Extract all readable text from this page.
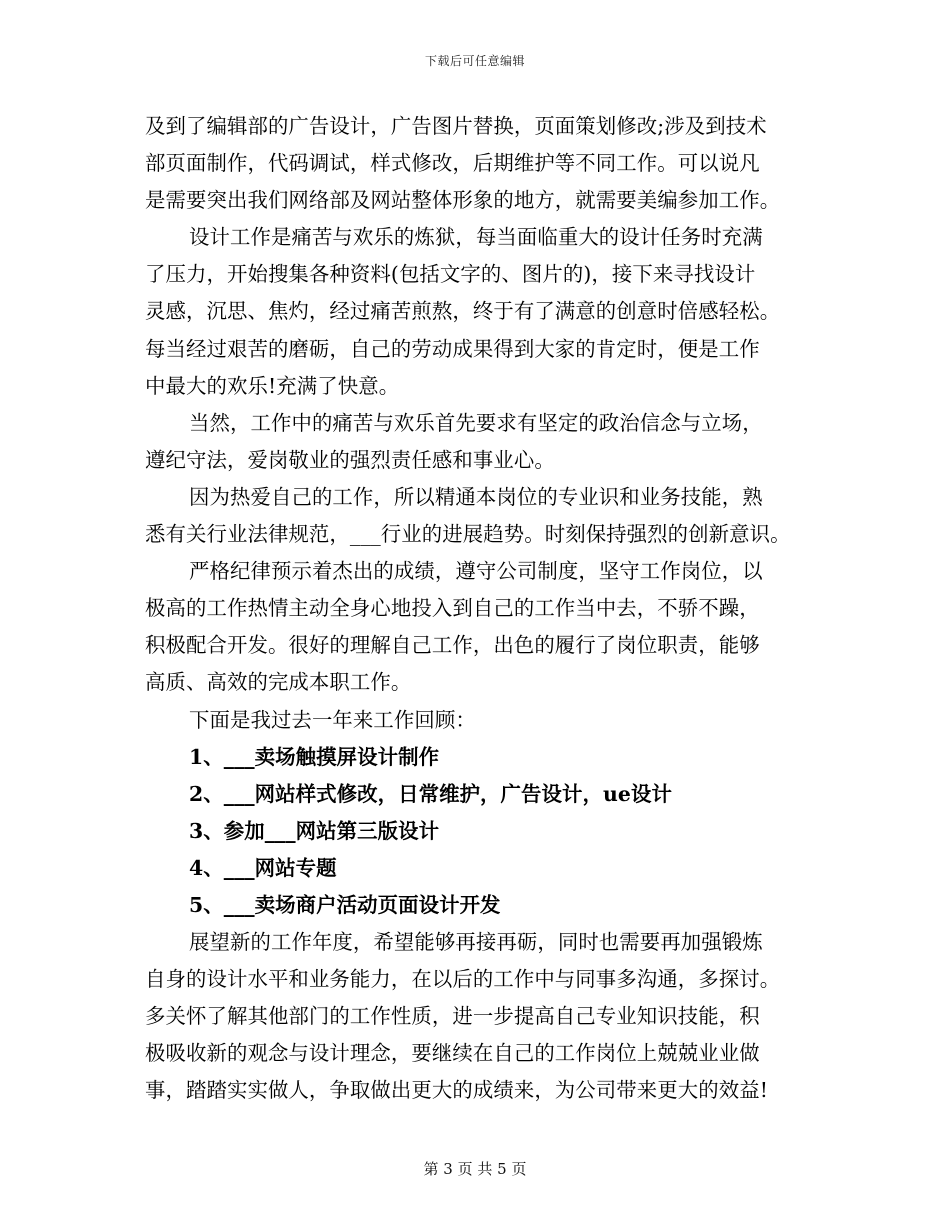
下载后可任意编辑
及到了编辑部的广告设计，广告图片替换，页面策划修改;涉及到技术
部页面制作，代码调试，样式修改，后期维护等不同工作。可以说凡
是需要突出我们网络部及网站整体形象的地方，就需要美编参加工作。
设计工作是痛苦与欢乐的炼狱，每当面临重大的设计任务时充满
了压力，开始搜集各种资料(包括文字的、图片的)，接下来寻找设计
灵感，沉思、焦灼，经过痛苦煎熬，终于有了满意的创意时倍感轻松。
每当经过艰苦的磨砺，自己的劳动成果得到大家的肯定时，便是工作
中最大的欢乐!充满了快意。
当然，工作中的痛苦与欢乐首先要求有坚定的政治信念与立场，
遵纪守法，爱岗敬业的强烈责任感和事业心。
因为热爱自己的工作，所以精通本岗位的专业识和业务技能，熟
悉有关行业法律规范，___行业的进展趋势。时刻保持强烈的创新意识。
严格纪律预示着杰出的成绩，遵守公司制度，坚守工作岗位，以
极高的工作热情主动全身心地投入到自己的工作当中去，不骄不躁，
积极配合开发。很好的理解自己工作，出色的履行了岗位职责，能够
高质、高效的完成本职工作。
下面是我过去一年来工作回顾：
1、___卖场触摸屏设计制作
2、___网站样式修改，日常维护，广告设计，ue设计
3、参加___网站第三版设计
4、___网站专题
5、___卖场商户活动页面设计开发
展望新的工作年度，希望能够再接再砺，同时也需要再加强锻炼
自身的设计水平和业务能力，在以后的工作中与同事多沟通，多探讨。
多关怀了解其他部门的工作性质，进一步提高自己专业知识技能，积
极吸收新的观念与设计理念，要继续在自己的工作岗位上兢兢业业做
事，踏踏实实做人，争取做出更大的成绩来，为公司带来更大的效益!
第 3 页 共 5 页
